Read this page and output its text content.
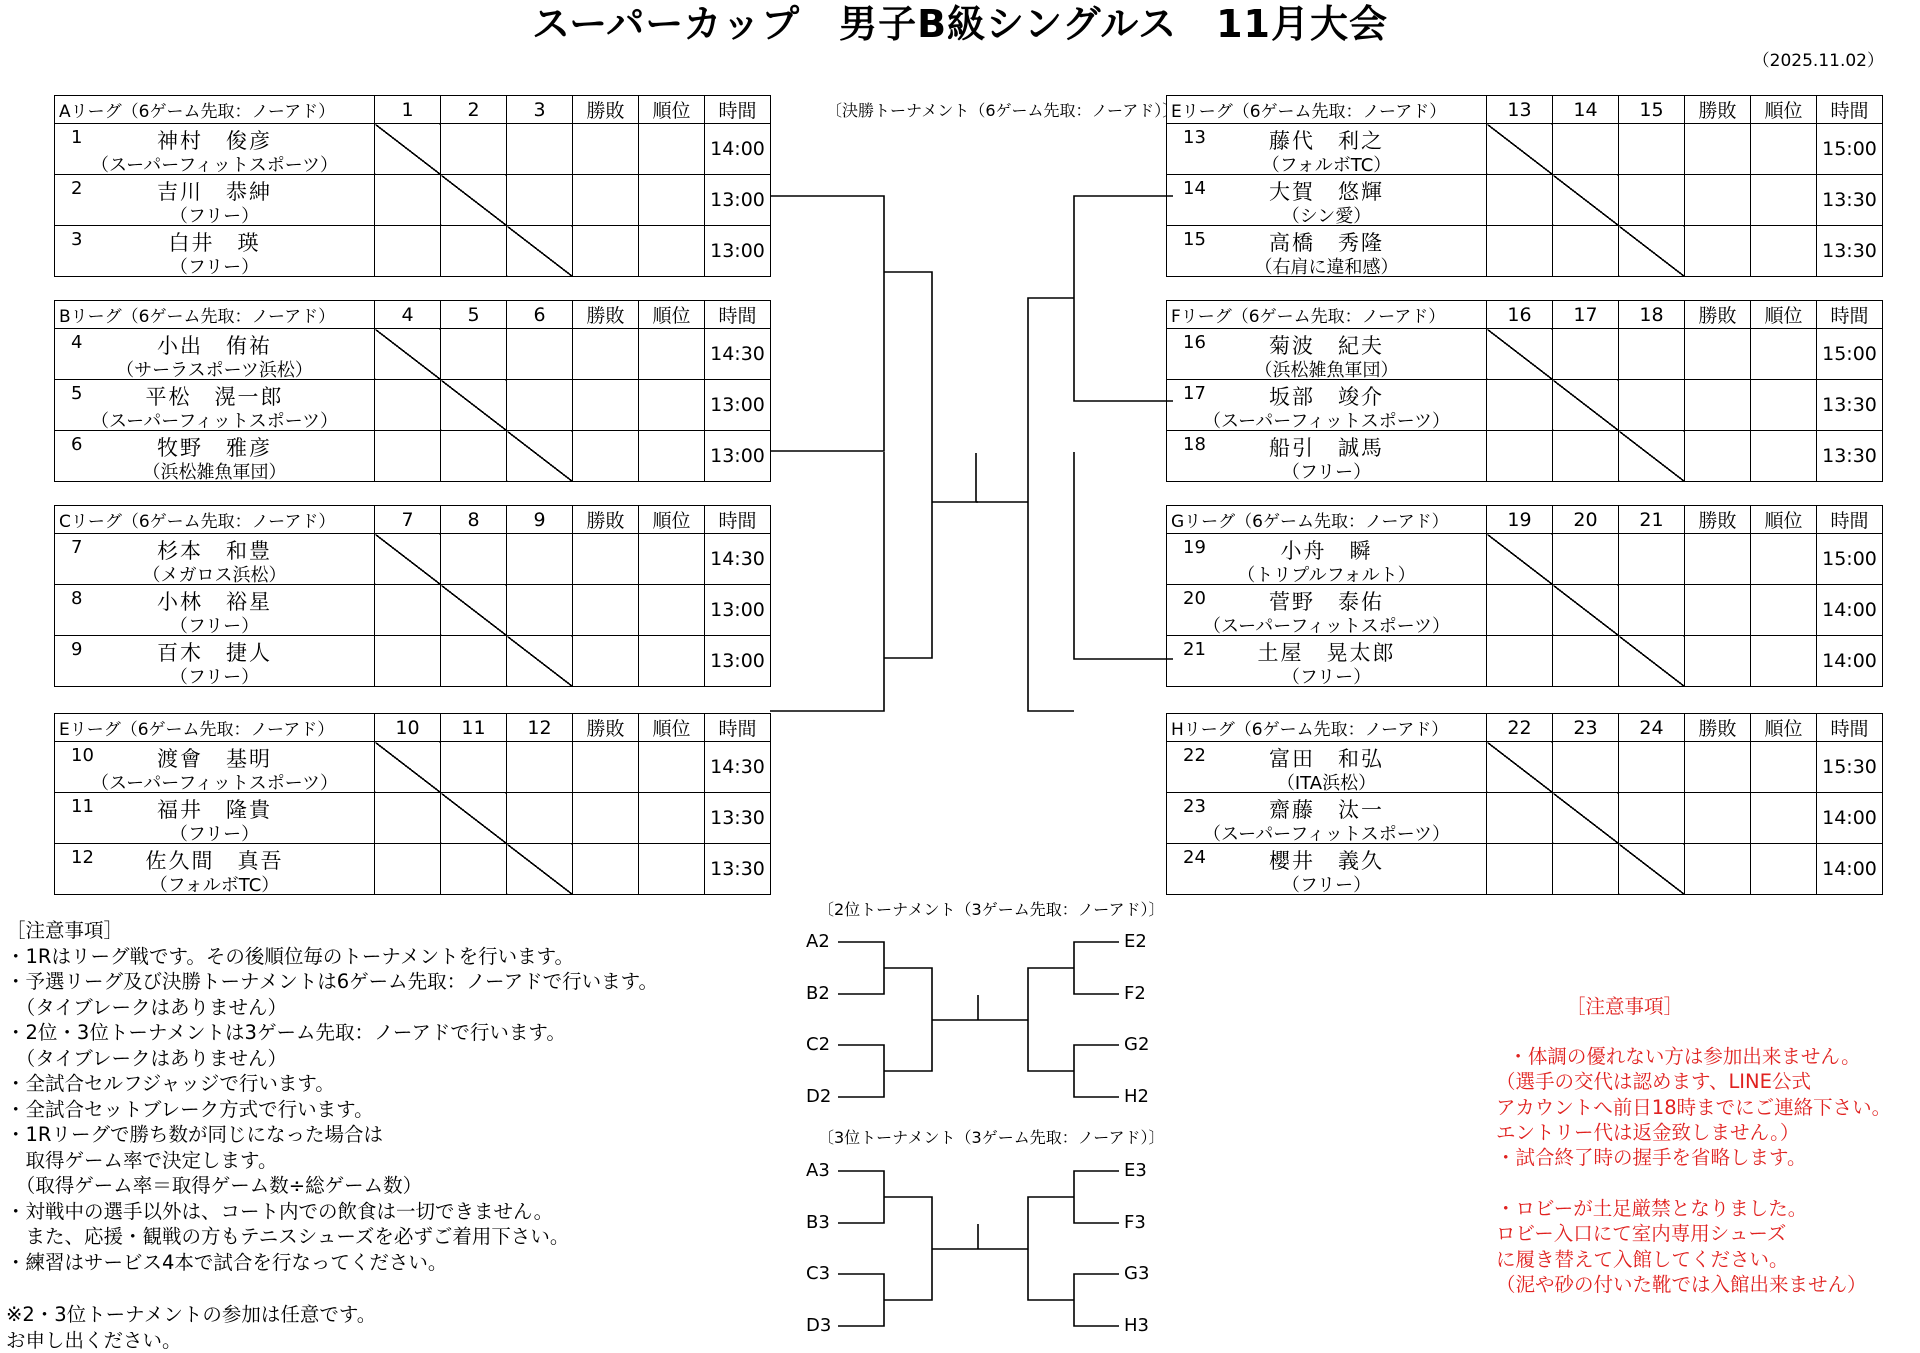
スーパーカップ　男子B級シングルス　11月大会
（2025.11.02）
Aリーグ（6ゲーム先取：ノーアド）	1	2	3	勝敗	順位	時間

1 神村　俊彦
（スーパーフィットスポーツ）						14:00

2 吉川　恭紳
（フリー）						13:00

3 白井　瑛
（フリー）						13:00
Bリーグ（6ゲーム先取：ノーアド）	4	5	6	勝敗	順位	時間

4 小出　侑祐
（サーラスポーツ浜松）						14:30

5 平松　滉一郎
（スーパーフィットスポーツ）						13:00

6 牧野　雅彦
（浜松雑魚軍団）						13:00
Cリーグ（6ゲーム先取：ノーアド）	7	8	9	勝敗	順位	時間

7 杉本　和豊
（メガロス浜松）						14:30

8 小林　裕星
（フリー）						13:00

9 百木　捷人
（フリー）						13:00
Eリーグ（6ゲーム先取：ノーアド）	10	11	12	勝敗	順位	時間

10 渡會　基明
（スーパーフィットスポーツ）						14:30

11 福井　隆貴
（フリー）						13:30

12 佐久間　真吾
（フォルボTC）						13:30
Eリーグ（6ゲーム先取：ノーアド）	13	14	15	勝敗	順位	時間

13 藤代　利之
（フォルボTC）						15:00

14 大賀　悠輝
（シン愛）						13:30

15 高橋　秀隆
（右肩に違和感）						13:30
Fリーグ（6ゲーム先取：ノーアド）	16	17	18	勝敗	順位	時間

16 菊波　紀夫
（浜松雑魚軍団）						15:00

17 坂部　竣介
（スーパーフィットスポーツ）						13:30

18 船引　誠馬
（フリー）						13:30
Gリーグ（6ゲーム先取：ノーアド）	19	20	21	勝敗	順位	時間

19 小舟　瞬
（トリプルフォルト）						15:00

20 菅野　泰佑
（スーパーフィットスポーツ）						14:00

21 土屋　晃太郎
（フリー）						14:00
Hリーグ（6ゲーム先取：ノーアド）	22	23	24	勝敗	順位	時間

22 富田　和弘
（ITA浜松）						15:30

23 齋藤　汰一
（スーパーフィットスポーツ）						14:00

24 櫻井　義久
（フリー）						14:00
〔決勝トーナメント（6ゲーム先取：ノーアド）〕
〔2位トーナメント（3ゲーム先取：ノーアド）〕
〔3位トーナメント（3ゲーム先取：ノーアド）〕
A2
B2
C2
D2
E2
F2
G2
H2
A3
B3
C3
D3
E3
F3
G3
H3
［注意事項］
・1Rはリーグ戦です。その後順位毎のトーナメントを行います。
・予選リーグ及び決勝トーナメントは6ゲーム先取：ノーアドで行います。
　（タイブレークはありません）
・2位・3位トーナメントは3ゲーム先取：ノーアドで行います。
　（タイブレークはありません）
・全試合セルフジャッジで行います。
・全試合セットブレーク方式で行います。
・1Rリーグで勝ち数が同じになった場合は
　取得ゲーム率で決定します。
　（取得ゲーム率＝取得ゲーム数÷総ゲーム数）
・対戦中の選手以外は、コート内での飲食は一切できません。
　また、応援・観戦の方もテニスシューズを必ずご着用下さい。
・練習はサービス4本で試合を行なってください。
※2・3位トーナメントの参加は任意です。
お申し出ください。

［注意事項］

・体調の優れない方は参加出来ません。
（選手の交代は認めます、LINE公式
アカウントへ前日18時までにご連絡下さい。
エントリー代は返金致しません。）
・試合終了時の握手を省略します。

・ロビーが土足厳禁となりました。
ロビー入口にて室内専用シューズ
に履き替えて入館してください。
（泥や砂の付いた靴では入館出来ません）
